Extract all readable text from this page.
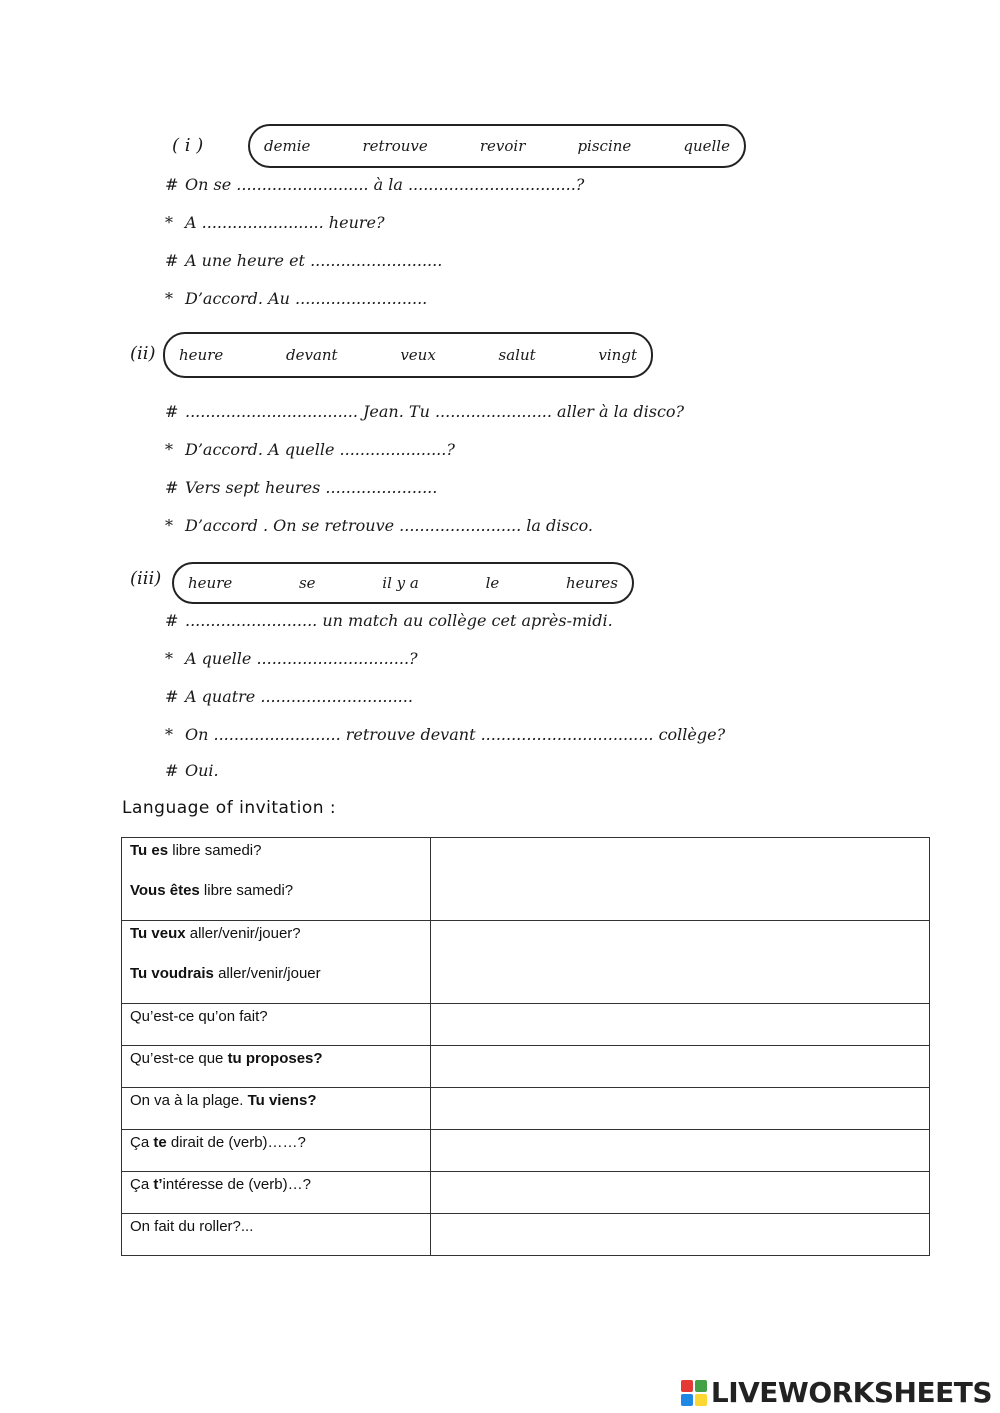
( i )	demie	retrouve	revoir	piscine	quelle
# On se .......................... à la .................................?
* A ........................ heure?
# A une heure et ..........................
* D’accord. Au ..........................
(ii) heure	devant	veux	salut	vingt
# .................................. Jean. Tu ....................... aller à la disco?
* D’accord. A quelle .....................?
# Vers sept heures ......................
* D’accord . On se retrouve ........................ la disco.
(iii) heure	se	il y a	le	heures
# .......................... un match au collège cet après-midi.
* A quelle ..............................?
# A quatre ..............................
* On ......................... retrouve devant .................................. collège?
# Oui.
Language of invitation :

Tu es libre samedi?

Vous êtes libre samedi?	

Tu veux aller/venir/jouer?

Tu voudrais aller/venir/jouer	

Qu’est-ce qu’on fait?	
Qu’est-ce que tu proposes?	
On va à la plage. Tu viens?	
Ça te dirait de (verb)……?	
Ça t’intéresse de (verb)…?	
On fait du roller?...	
LIVEWORKSHEETS
